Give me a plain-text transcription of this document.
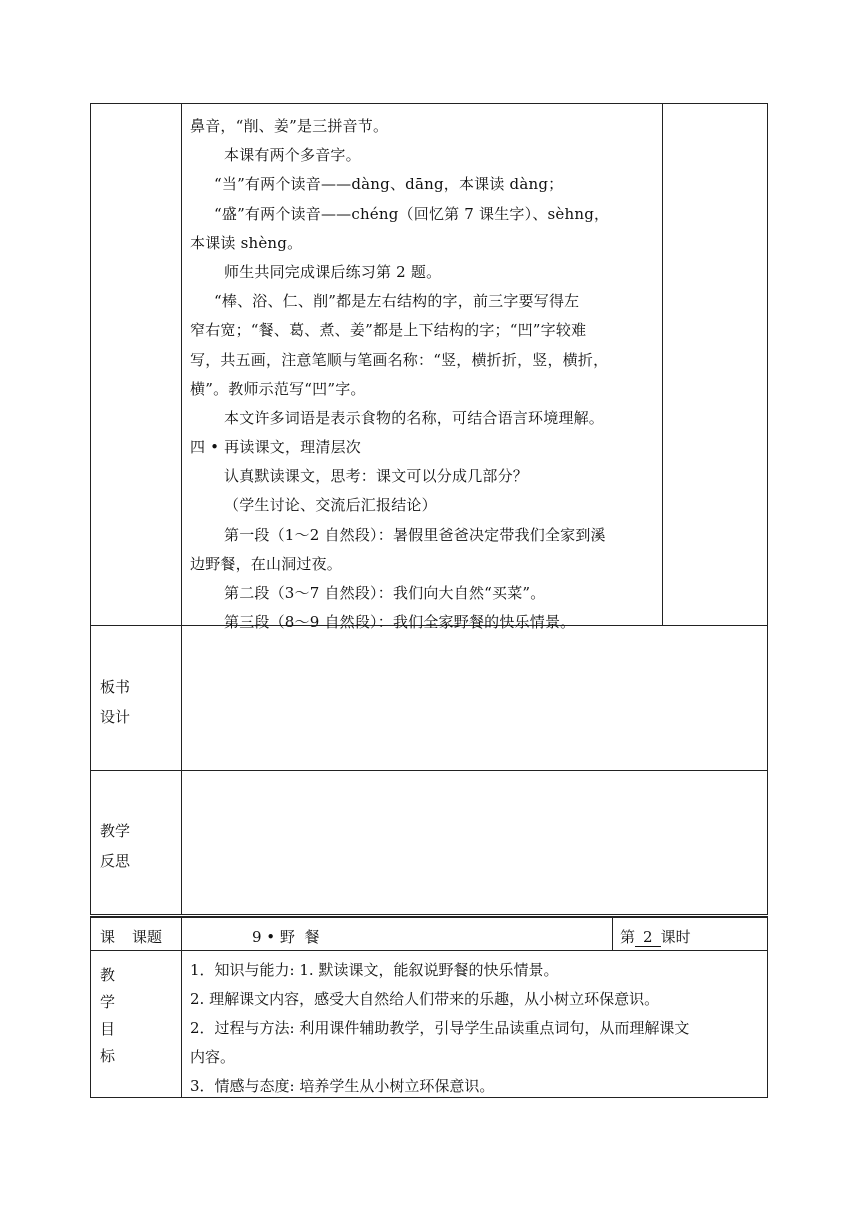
鼻音，“削、姜”是三拼音节。
本课有两个多音字。
“当”有两个读音——dàng、dāng，本课读 dàng；
“盛”有两个读音——chéng（回忆第 7 课生字）、sèhng，
本课读 shèng。
师生共同完成课后练习第 2 题。
“棒、浴、仁、削”都是左右结构的字，前三字要写得左
窄右宽；“餐、葛、煮、姜”都是上下结构的字；“凹”字较难
写，共五画，注意笔顺与笔画名称：“竖，横折折，竖，横折，
横”。教师示范写“凹”字。
本文许多词语是表示食物的名称，可结合语言环境理解。
四 • 再读课文，理清层次
认真默读课文，思考：课文可以分成几部分？
（学生讨论、交流后汇报结论）
第一段（1～2 自然段）：暑假里爸爸决定带我们全家到溪
边野餐，在山洞过夜。
第二段（3～7 自然段）：我们向大自然“买菜”。
第三段（8～9 自然段）：我们全家野餐的快乐情景。
板书
设计
教学
反思
课 课题	9 • 野  餐	第 2 课时
教
学
目
标
1．知识与能力: 1. 默读课文，能叙说野餐的快乐情景。
2. 理解课文内容，感受大自然给人们带来的乐趣，从小树立环保意识。
2．过程与方法: 利用课件辅助教学，引导学生品读重点词句，从而理解课文
内容。
3．情感与态度: 培养学生从小树立环保意识。
